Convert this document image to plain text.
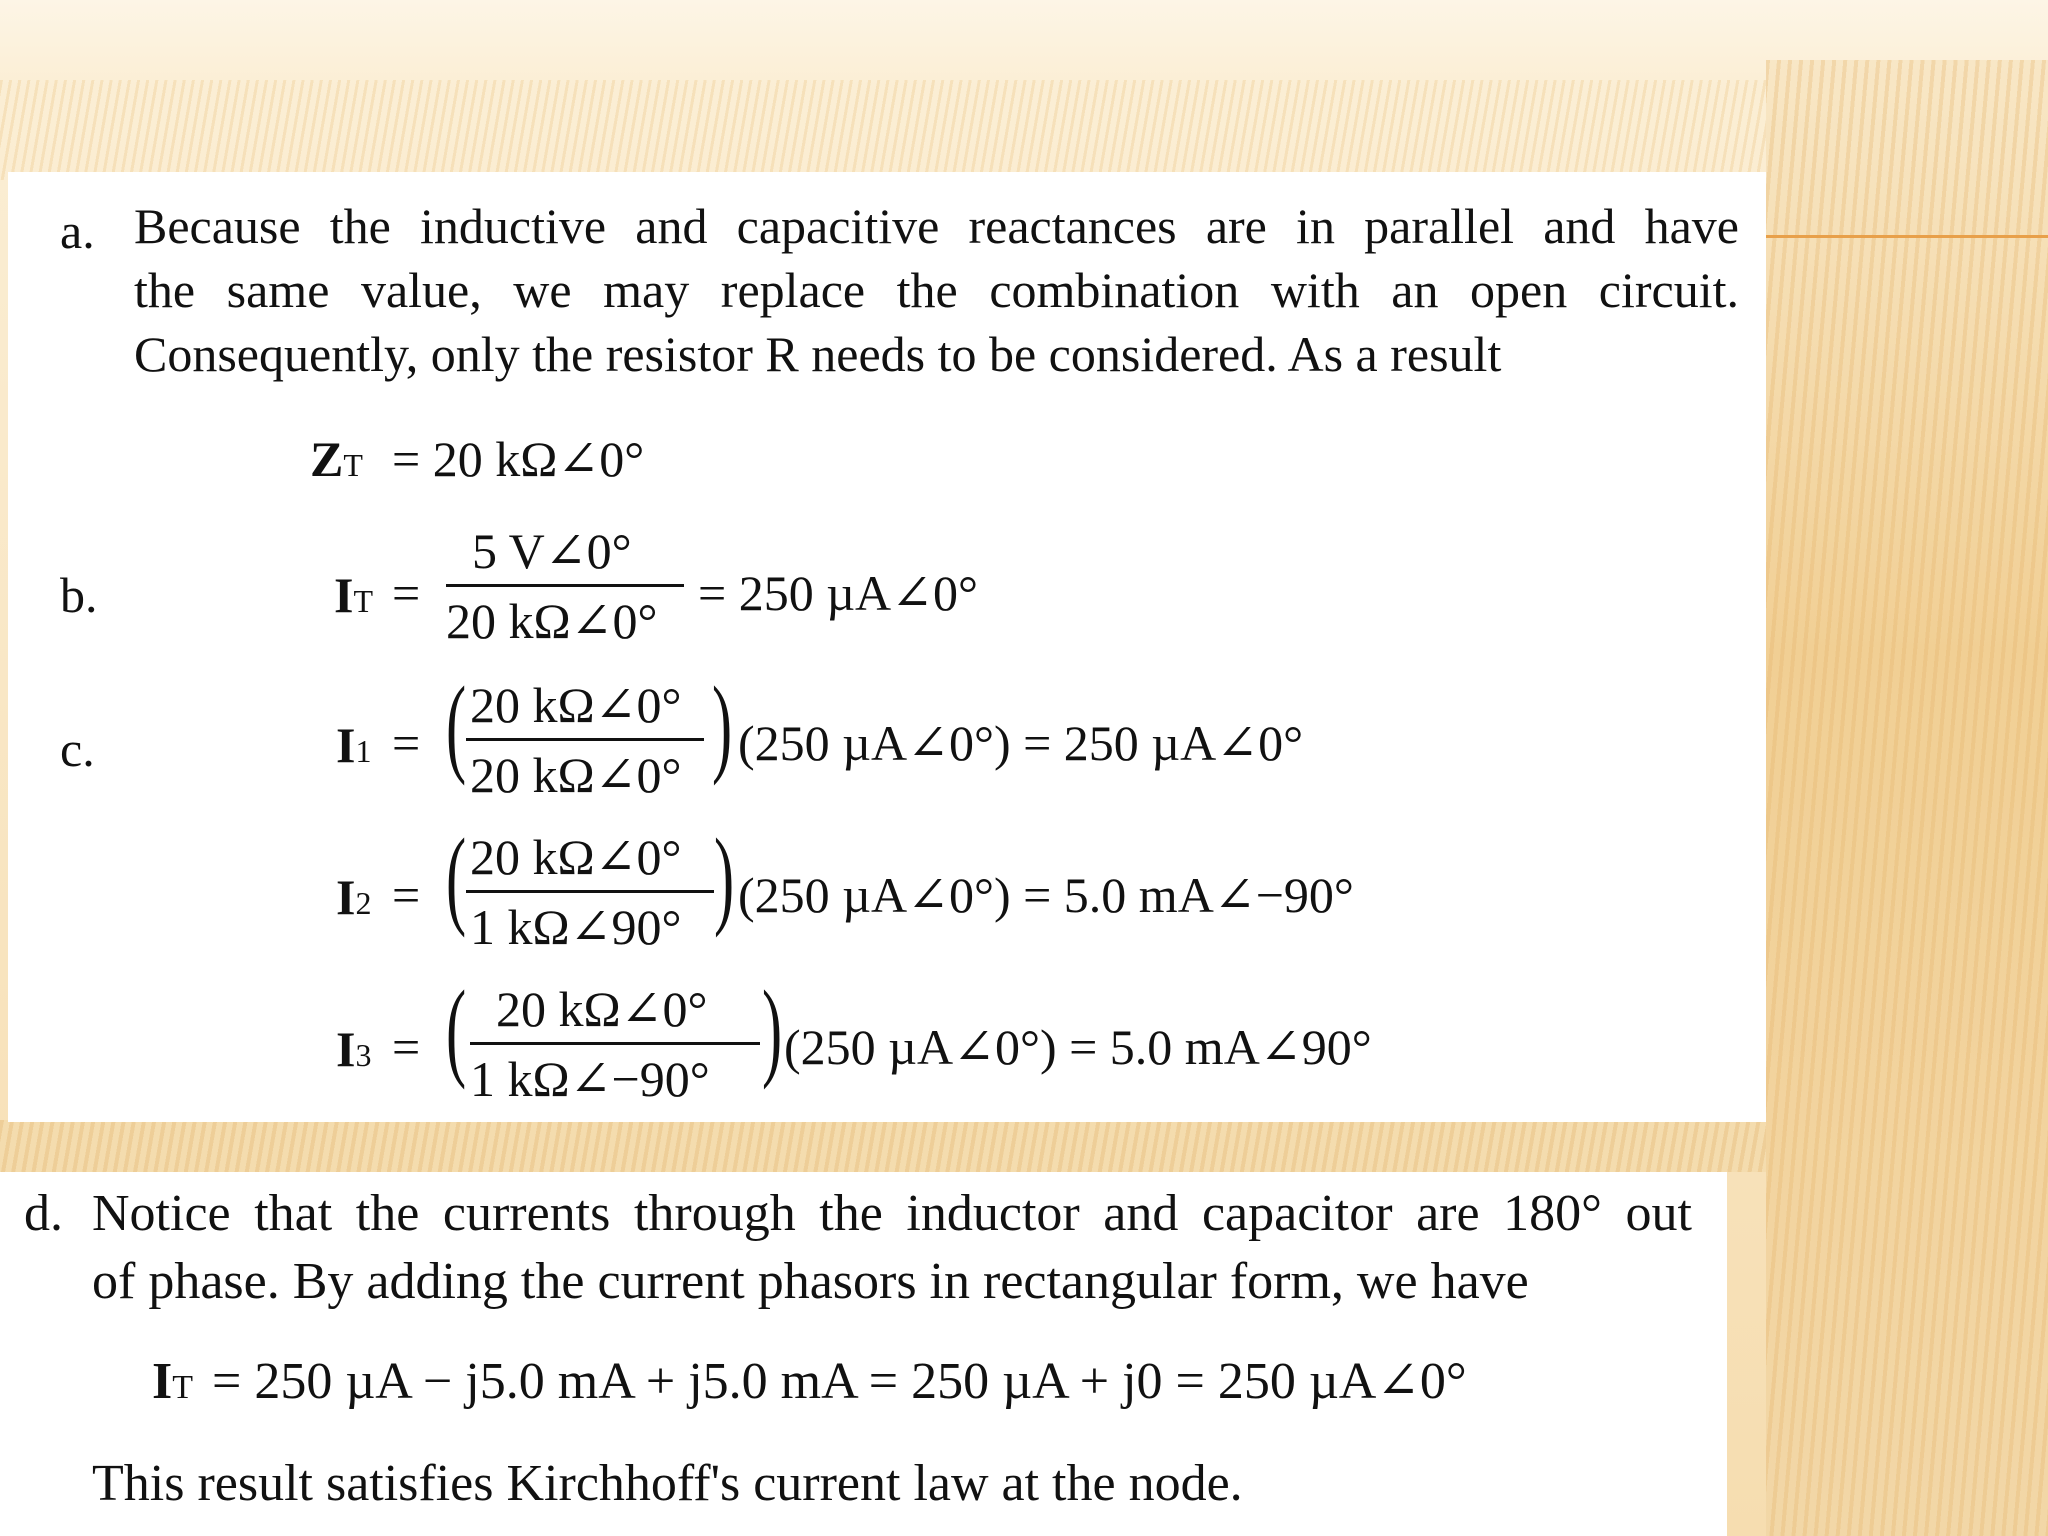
a. Because the inductive and capacitive reactances are in parallel and have
the same value, we may replace the combination with an open circuit.
Consequently, only the resistor R needs to be considered. As a result
ZT = 20 kΩ∠0°
b.	IT =
5 V∠0°
20 kΩ∠0° = 250 µA∠0°
c.	I1 = ( 20 kΩ∠0°
20 kΩ∠0° ) (250 µA∠0°) = 250 µA∠0°
I2 = ( 20 kΩ∠0°
1 kΩ∠90° ) (250 µA∠0°) = 5.0 mA∠−90°
I3 = ( 20 kΩ∠0°
1 kΩ∠−90° ) (250 µA∠0°) = 5.0 mA∠90°
d. Notice that the currents through the inductor and capacitor are 180° out
of phase. By adding the current phasors in rectangular form, we have
IT = 250 µA − j5.0 mA + j5.0 mA = 250 µA + j0 = 250 µA∠0°
This result satisfies Kirchhoff's current law at the node.
